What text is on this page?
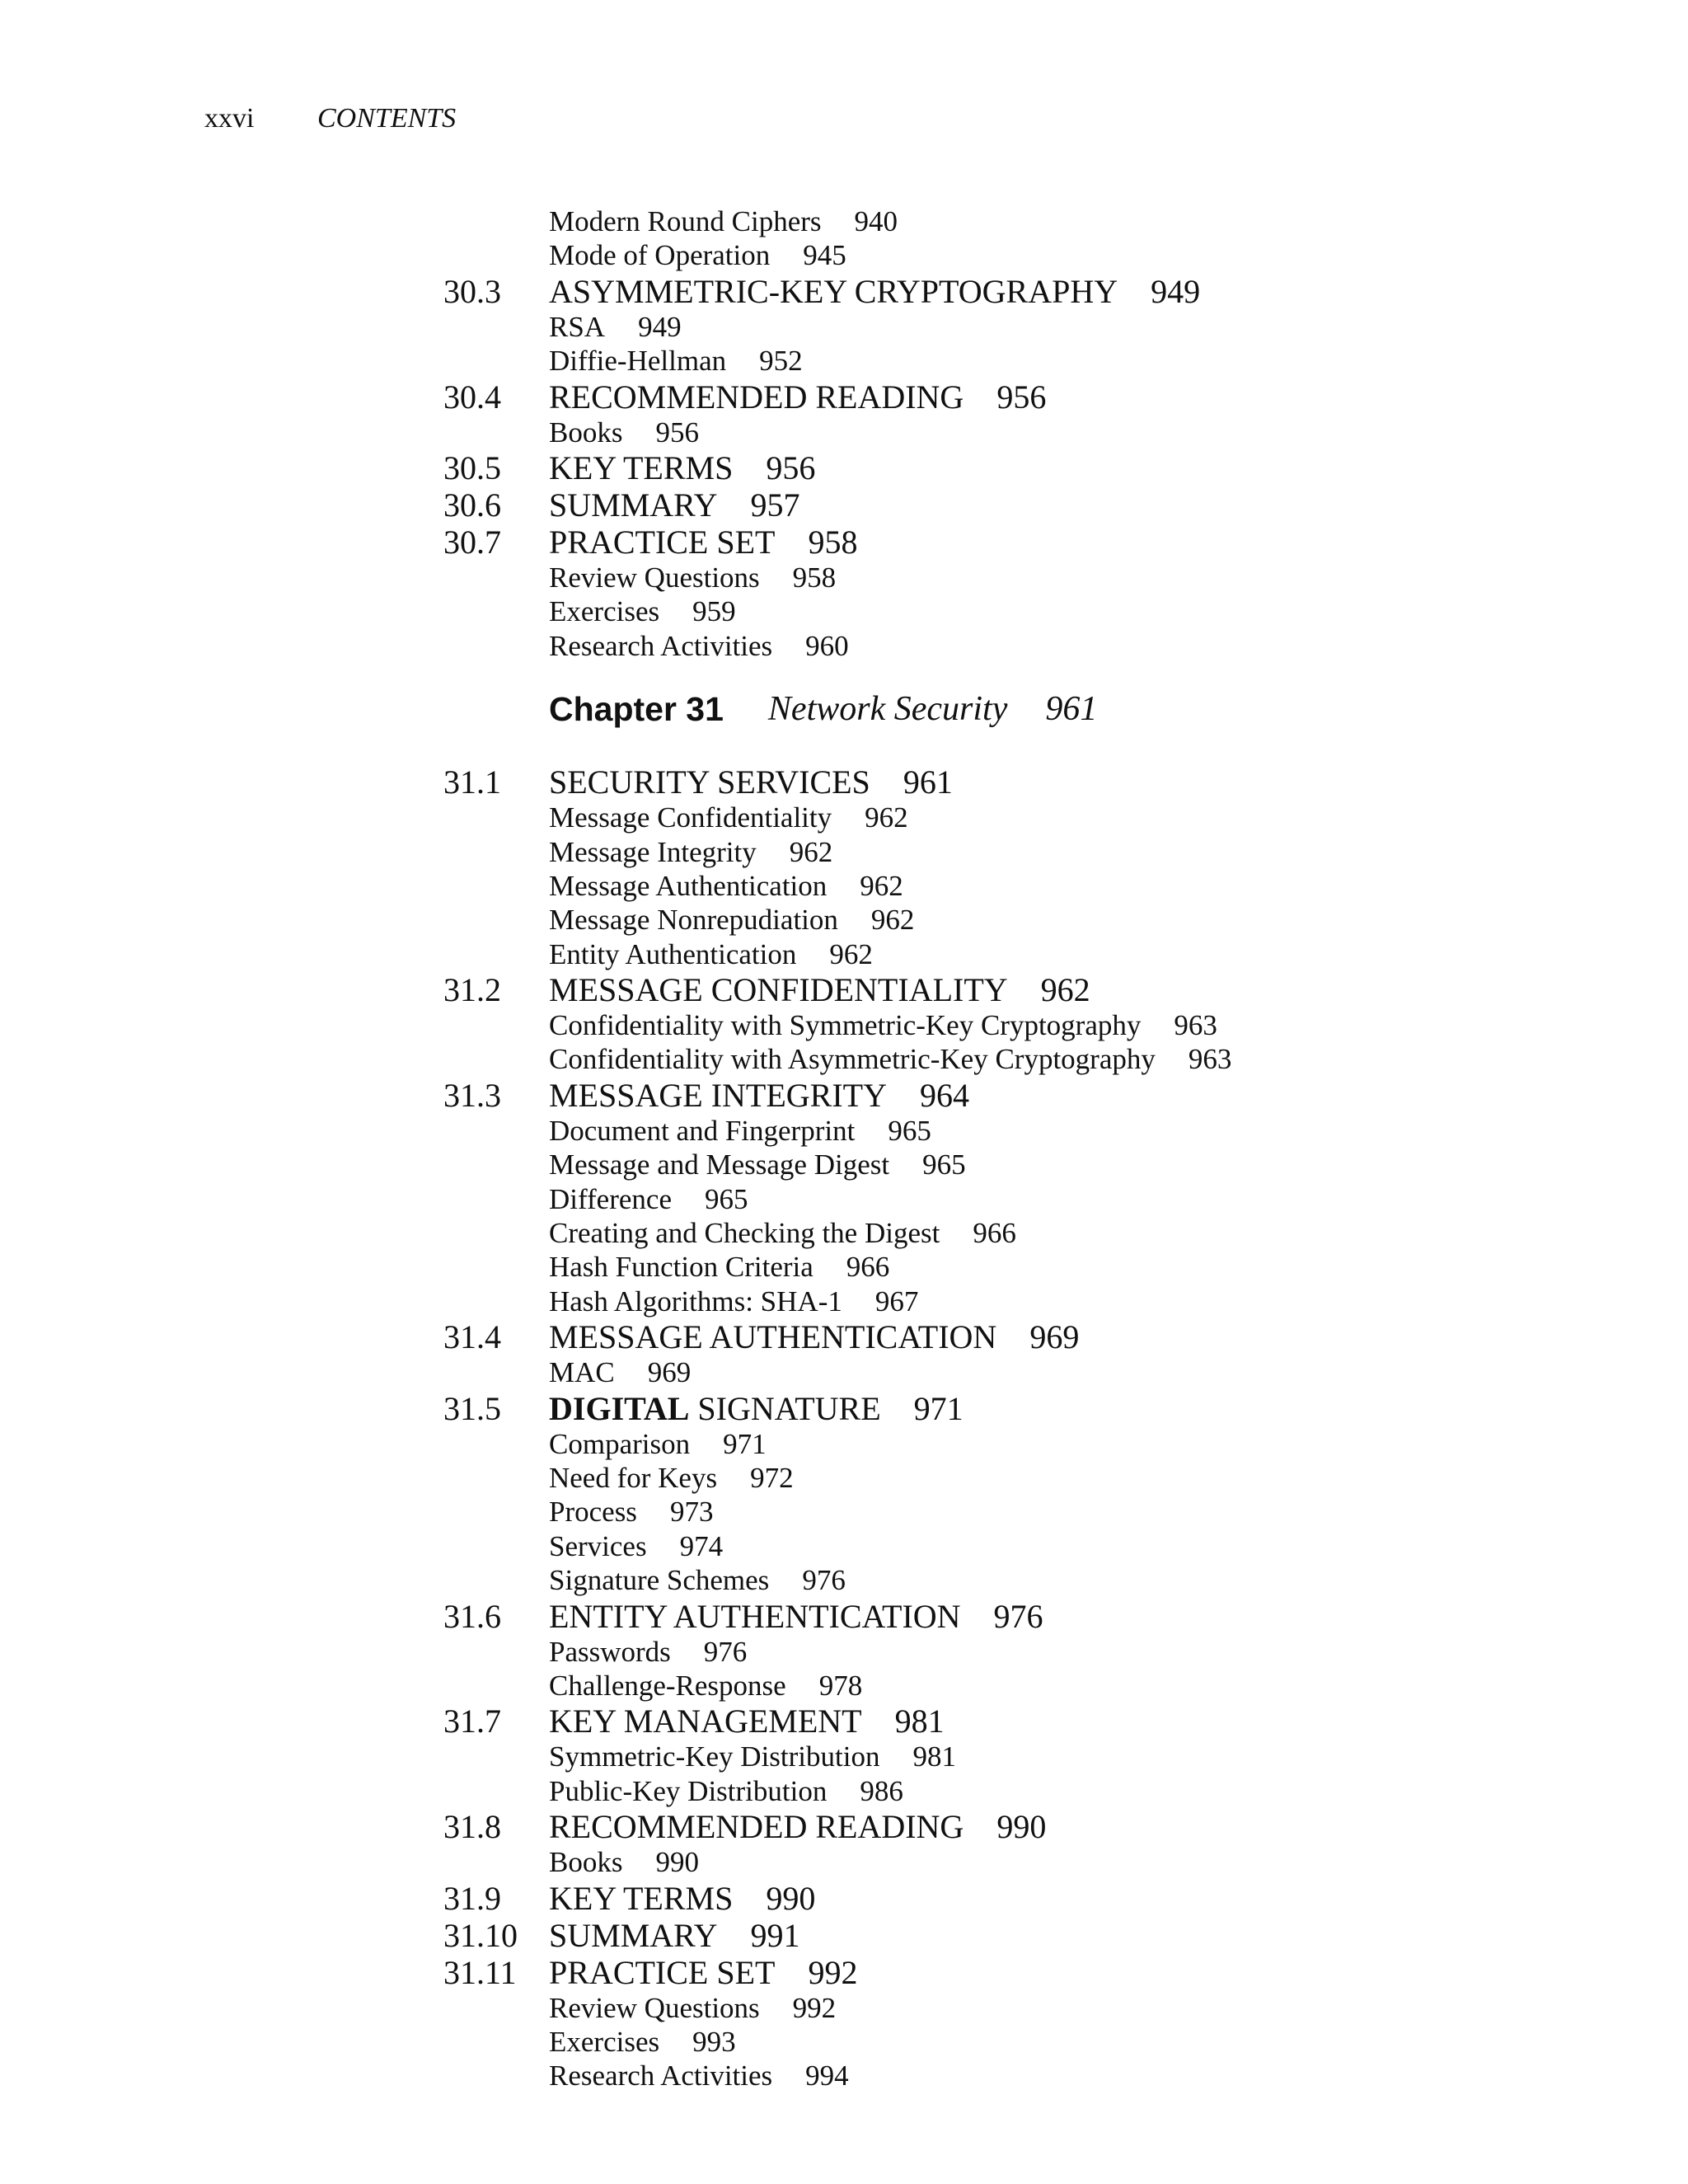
xxvi CONTENTS
Modern Round Ciphers 940
Mode of Operation 945
30.3	ASYMMETRIC-KEY CRYPTOGRAPHY 949
RSA 949
Diffie-Hellman 952
30.4	RECOMMENDED READING 956
Books 956
30.5	KEY TERMS 956
30.6	SUMMARY 957
30.7	PRACTICE SET 958
Review Questions 958
Exercises 959
Research Activities 960
Chapter 31 Network Security 961
31.1	SECURITY SERVICES 961
Message Confidentiality 962
Message Integrity 962
Message Authentication 962
Message Nonrepudiation 962
Entity Authentication 962
31.2	MESSAGE CONFIDENTIALITY 962
Confidentiality with Symmetric-Key Cryptography 963
Confidentiality with Asymmetric-Key Cryptography 963
31.3	MESSAGE INTEGRITY 964
Document and Fingerprint 965
Message and Message Digest 965
Difference 965
Creating and Checking the Digest 966
Hash Function Criteria 966
Hash Algorithms: SHA-1 967
31.4	MESSAGE AUTHENTICATION 969
MAC 969
31.5	DIGITAL SIGNATURE 971
Comparison 971
Need for Keys 972
Process 973
Services 974
Signature Schemes 976
31.6	ENTITY AUTHENTICATION 976
Passwords 976
Challenge-Response 978
31.7	KEY MANAGEMENT 981
Symmetric-Key Distribution 981
Public-Key Distribution 986
31.8	RECOMMENDED READING 990
Books 990
31.9	KEY TERMS 990
31.10 SUMMARY 991
31.11 PRACTICE SET 992
Review Questions 992
Exercises 993
Research Activities 994
